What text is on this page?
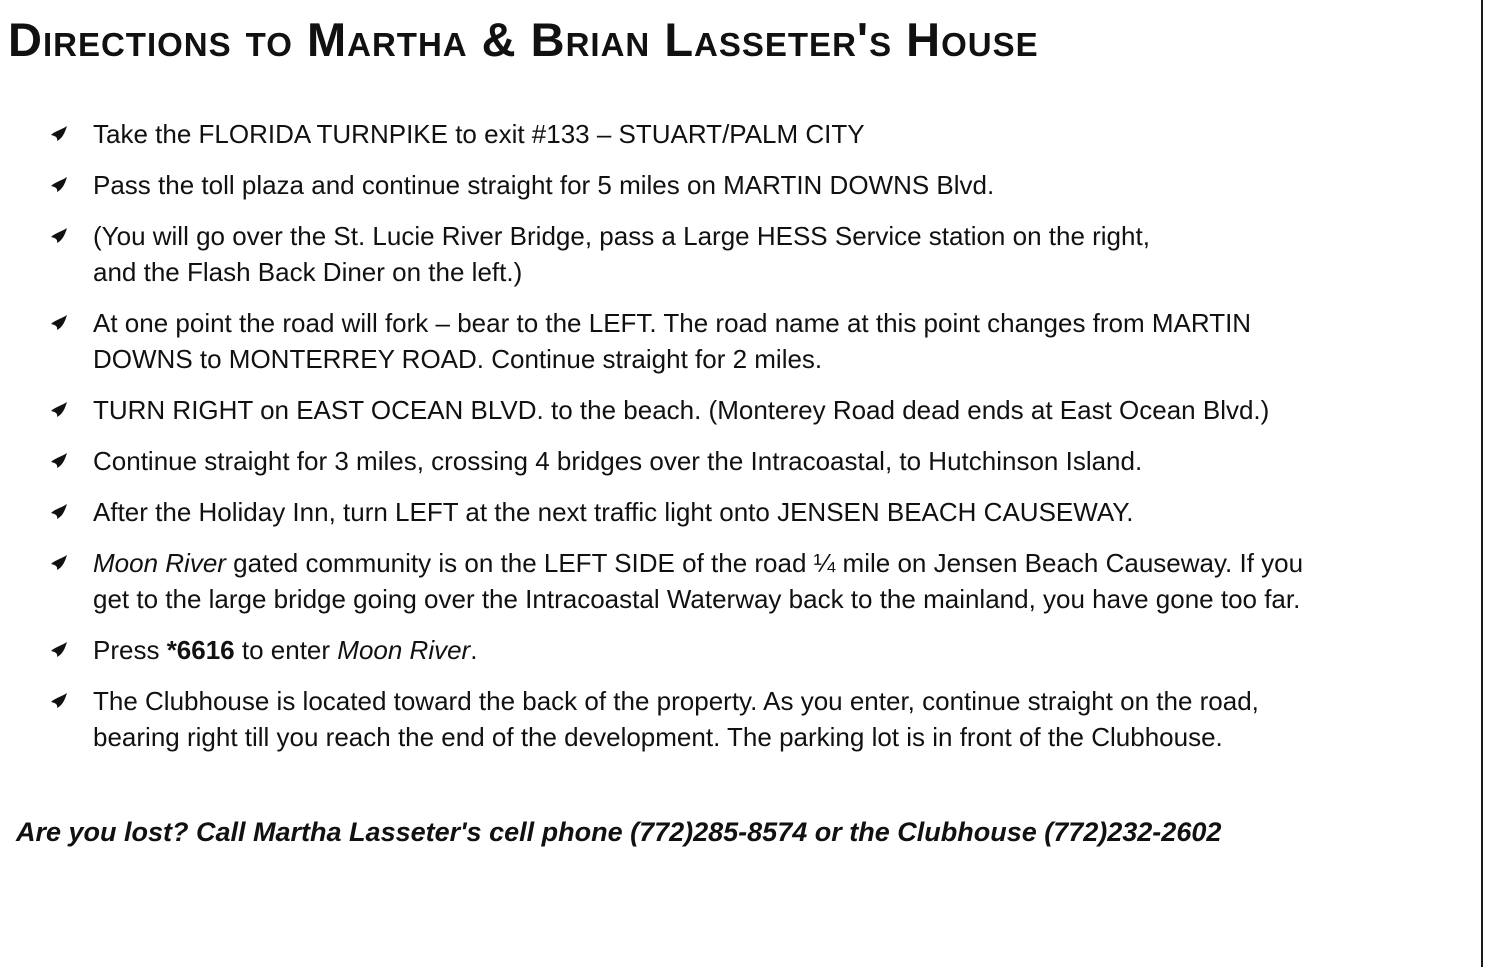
Directions to Martha & Brian Lasseter's House
Take the FLORIDA TURNPIKE to exit #133 – STUART/PALM CITY
Pass the toll plaza and continue straight for 5 miles on MARTIN DOWNS Blvd.
(You will go over the St. Lucie River Bridge, pass a Large HESS Service station on the right,
and the Flash Back Diner on the left.)
At one point the road will fork – bear to the LEFT. The road name at this point changes from MARTIN
DOWNS to MONTERREY ROAD. Continue straight for 2 miles.
TURN RIGHT on EAST OCEAN BLVD. to the beach. (Monterey Road dead ends at East Ocean Blvd.)
Continue straight for 3 miles, crossing 4 bridges over the Intracoastal, to Hutchinson Island.
After the Holiday Inn, turn LEFT at the next traffic light onto JENSEN BEACH CAUSEWAY.
Moon River gated community is on the LEFT SIDE of the road ¼ mile on Jensen Beach Causeway. If you
get to the large bridge going over the Intracoastal Waterway back to the mainland, you have gone too far.
Press *6616 to enter Moon River.
The Clubhouse is located toward the back of the property. As you enter, continue straight on the road,
bearing right till you reach the end of the development. The parking lot is in front of the Clubhouse.

Are you lost? Call Martha Lasseter's cell phone (772)285-8574 or the Clubhouse (772)232-2602
